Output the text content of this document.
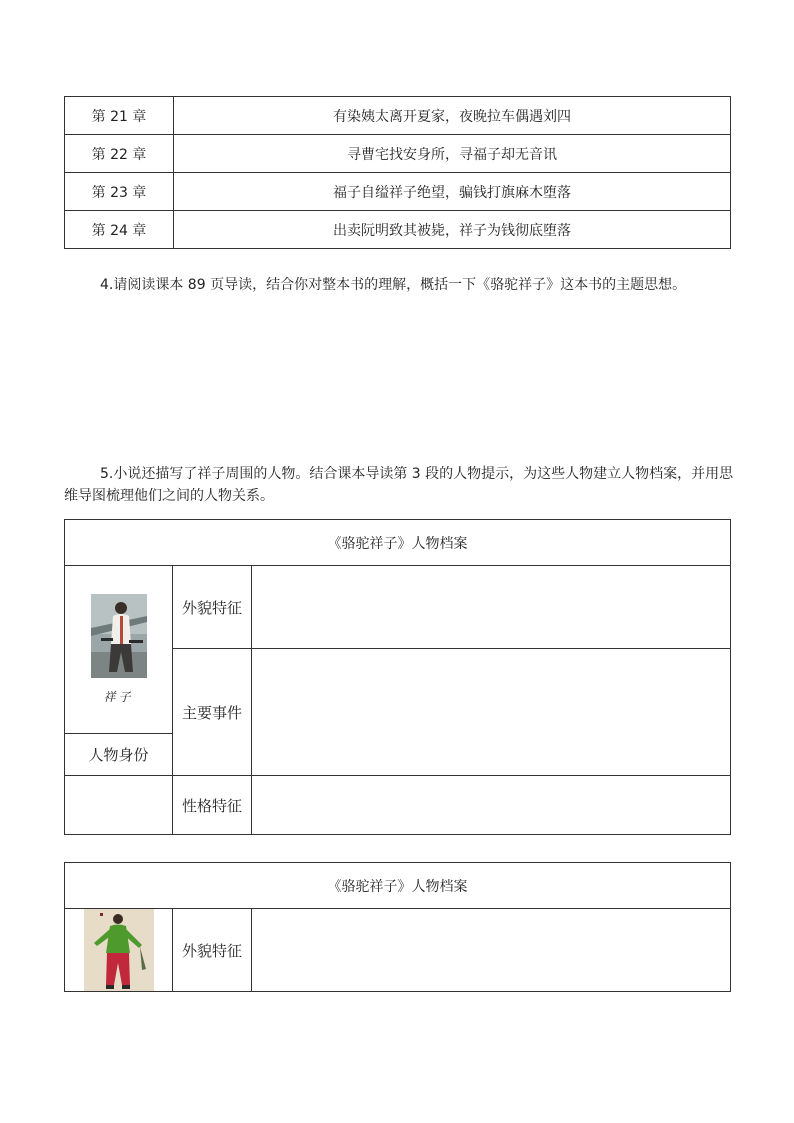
第 21 章	有染姨太离开夏家，夜晚拉车偶遇刘四
第 22 章	寻曹宅找安身所，寻福子却无音讯
第 23 章	福子自缢祥子绝望，骗钱打旗麻木堕落
第 24 章	出卖阮明致其被毙，祥子为钱彻底堕落
4.请阅读课本 89 页导读，结合你对整本书的理解，概括一下《骆驼祥子》这本书的主题思想。
5.小说还描写了祥子周围的人物。结合课本导读第 3 段的人物提示，为这些人物建立人物档案，并用思维导图梳理他们之间的人物关系。
《骆驼祥子》人物档案		

祥子	外貌特征	
	主要事件	
人物身份		
	性格特征	
《骆驼祥子》人物档案

	外貌特征	
